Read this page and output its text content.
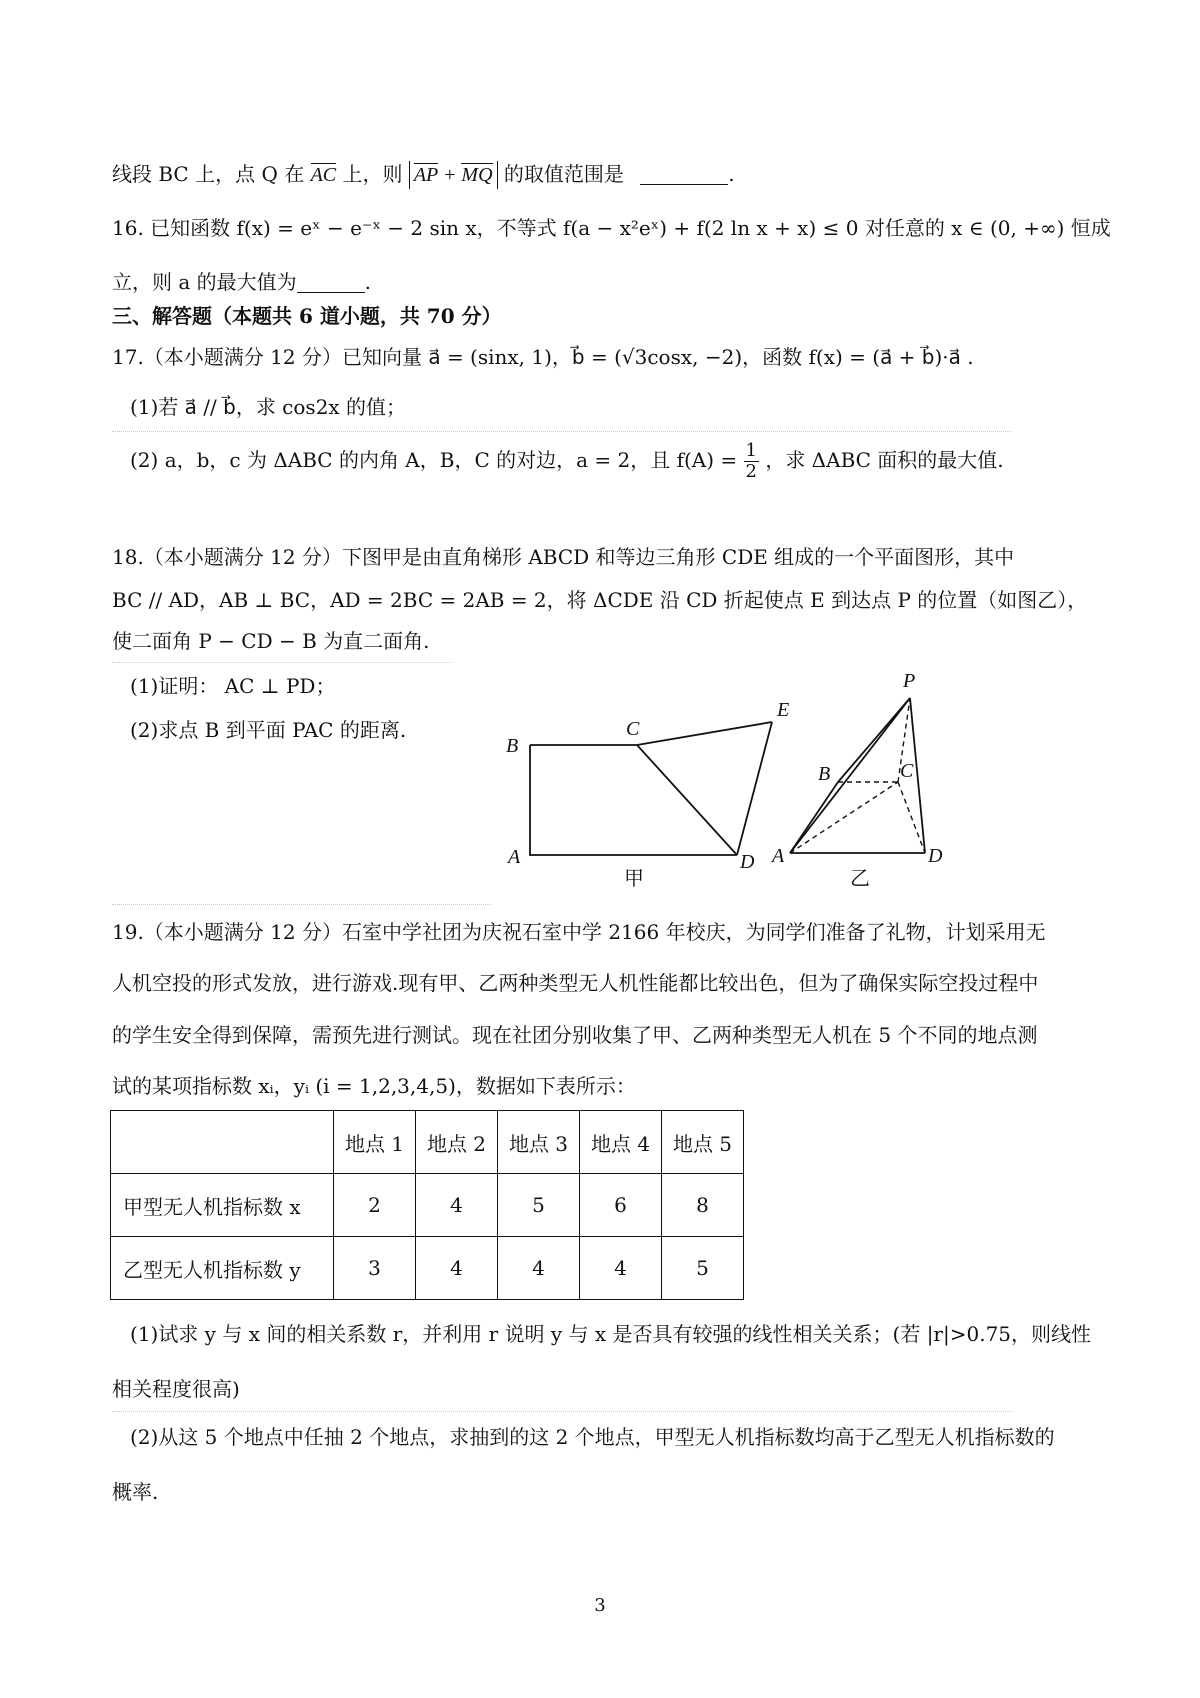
线段 BC 上，点 Q 在 AC 上，则 AP + MQ 的取值范围是	.
16. 已知函数 f(x) = eˣ − e⁻ˣ − 2 sin x，不等式 f(a − x²eˣ) + f(2 ln x + x) ≤ 0 对任意的 x ∈ (0, +∞) 恒成
立，则 a 的最大值为	.
三、解答题（本题共 6 道小题，共 70 分）
17.（本小题满分 12 分）已知向量 a⃗ = (sinx, 1)，b⃗ = (√3cosx, −2)，函数 f(x) = (a⃗ + b⃗)·a⃗ .
(1)若 a⃗ // b⃗，求 cos2x 的值；
(2) a，b，c 为 ΔABC 的内角 A，B，C 的对边，a = 2，且 $f(A) = \frac{1}{2}$ ，求 ΔABC 面积的最大值.
18.（本小题满分 12 分）下图甲是由直角梯形 ABCD 和等边三角形 CDE 组成的一个平面图形，其中
BC // AD，AB ⊥ BC，AD = 2BC = 2AB = 2，将 ΔCDE 沿 CD 折起使点 E 到达点 P 的位置（如图乙），
使二面角 P − CD − B 为直二面角.
(1)证明： AC ⊥ PD；
(2)求点 B 到平面 PAC 的距离.
B
C
E
A	D
甲
P
B	C
A	D
乙
19.（本小题满分 12 分）石室中学社团为庆祝石室中学 2166 年校庆，为同学们准备了礼物，计划采用无
人机空投的形式发放，进行游戏.现有甲、乙两种类型无人机性能都比较出色，但为了确保实际空投过程中
的学生安全得到保障，需预先进行测试。现在社团分别收集了甲、乙两种类型无人机在 5 个不同的地点测
试的某项指标数 xᵢ，yᵢ (i = 1,2,3,4,5)，数据如下表所示：
	地点 1	地点 2	地点 3	地点 4	地点 5
甲型无人机指标数 x	2	4	5	6	8
乙型无人机指标数 y	3	4	4	4	5
(1)试求 y 与 x 间的相关系数 r，并利用 r 说明 y 与 x 是否具有较强的线性相关关系；(若 |r|>0.75，则线性
相关程度很高)
(2)从这 5 个地点中任抽 2 个地点，求抽到的这 2 个地点，甲型无人机指标数均高于乙型无人机指标数的
概率.
3
